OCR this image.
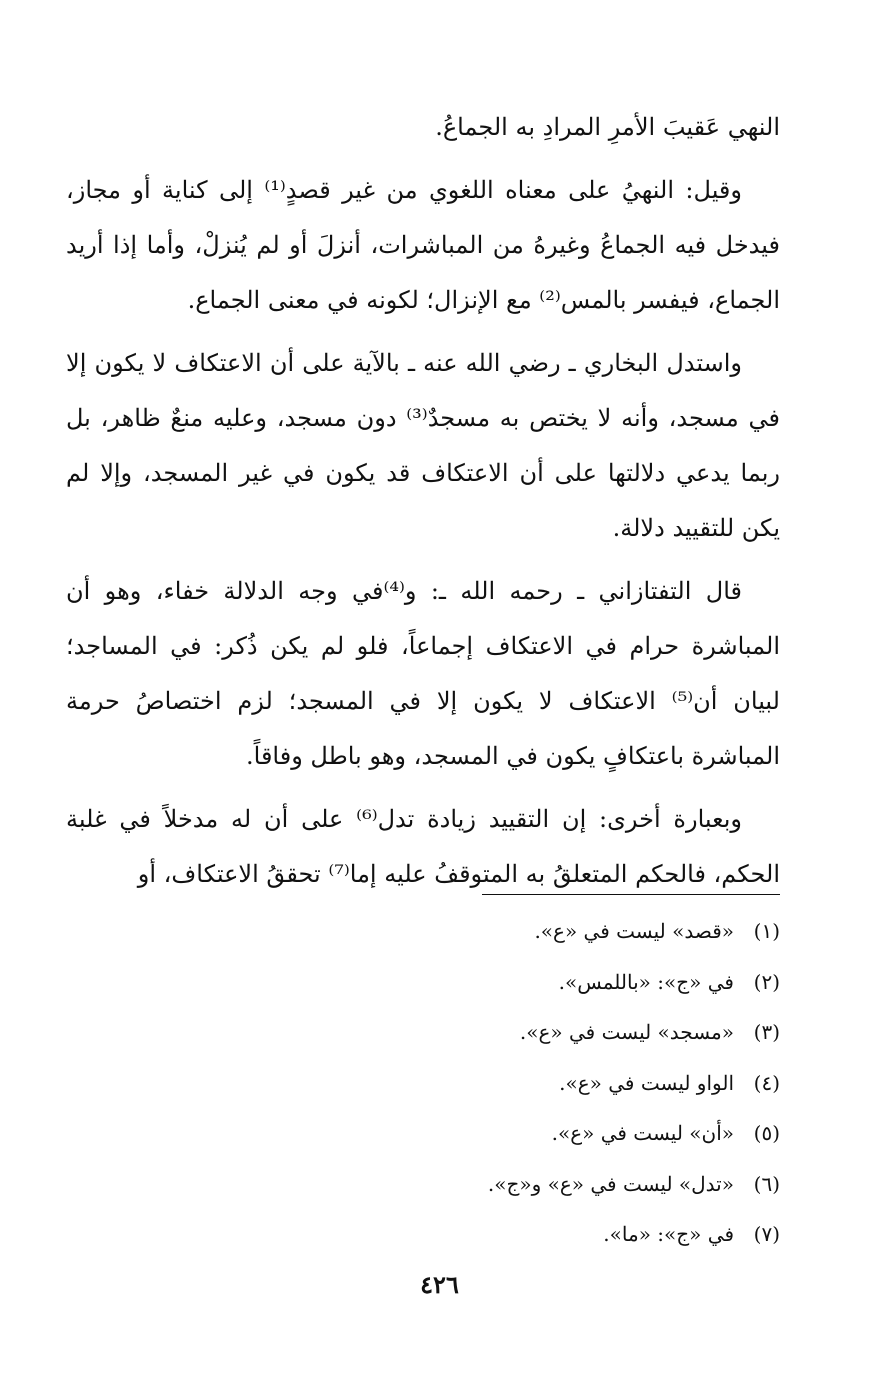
النهي عَقيبَ الأمرِ المرادِ به الجماعُ.

وقيل: النهيُ على معناه اللغوي من غير قصدٍ⁽¹⁾ إلى كناية أو مجاز، فيدخل فيه الجماعُ وغيرهُ من المباشرات، أنزلَ أو لم يُنزلْ، وأما إذا أريد الجماع، فيفسر بالمس⁽²⁾ مع الإنزال؛ لكونه في معنى الجماع.

واستدل البخاري ـ رضي الله عنه ـ بالآية على أن الاعتكاف لا يكون إلا في مسجد، وأنه لا يختص به مسجدٌ⁽³⁾ دون مسجد، وعليه منعٌ ظاهر، بل ربما يدعي دلالتها على أن الاعتكاف قد يكون في غير المسجد، وإلا لم يكن للتقييد دلالة.

قال التفتازاني ـ رحمه الله ـ: و⁽⁴⁾في وجه الدلالة خفاء، وهو أن المباشرة حرام في الاعتكاف إجماعاً، فلو لم يكن ذُكر: في المساجد؛ لبيان أن⁽⁵⁾ الاعتكاف لا يكون إلا في المسجد؛ لزم اختصاصُ حرمة المباشرة باعتكافٍ يكون في المسجد، وهو باطل وفاقاً.

وبعبارة أخرى: إن التقييد زيادة تدل⁽⁶⁾ على أن له مدخلاً في غلبة الحكم، فالحكم المتعلقُ به المتوقفُ عليه إما⁽⁷⁾ تحققُ الاعتكاف، أو

(١)
«قصد» ليست في «ع».
(٢)
في «ج»: «باللمس».
(٣)
«مسجد» ليست في «ع».
(٤)
الواو ليست في «ع».
(٥)
«أن» ليست في «ع».
(٦)
«تدل» ليست في «ع» و«ج».
(٧)
في «ج»: «ما».
٤٢٦
